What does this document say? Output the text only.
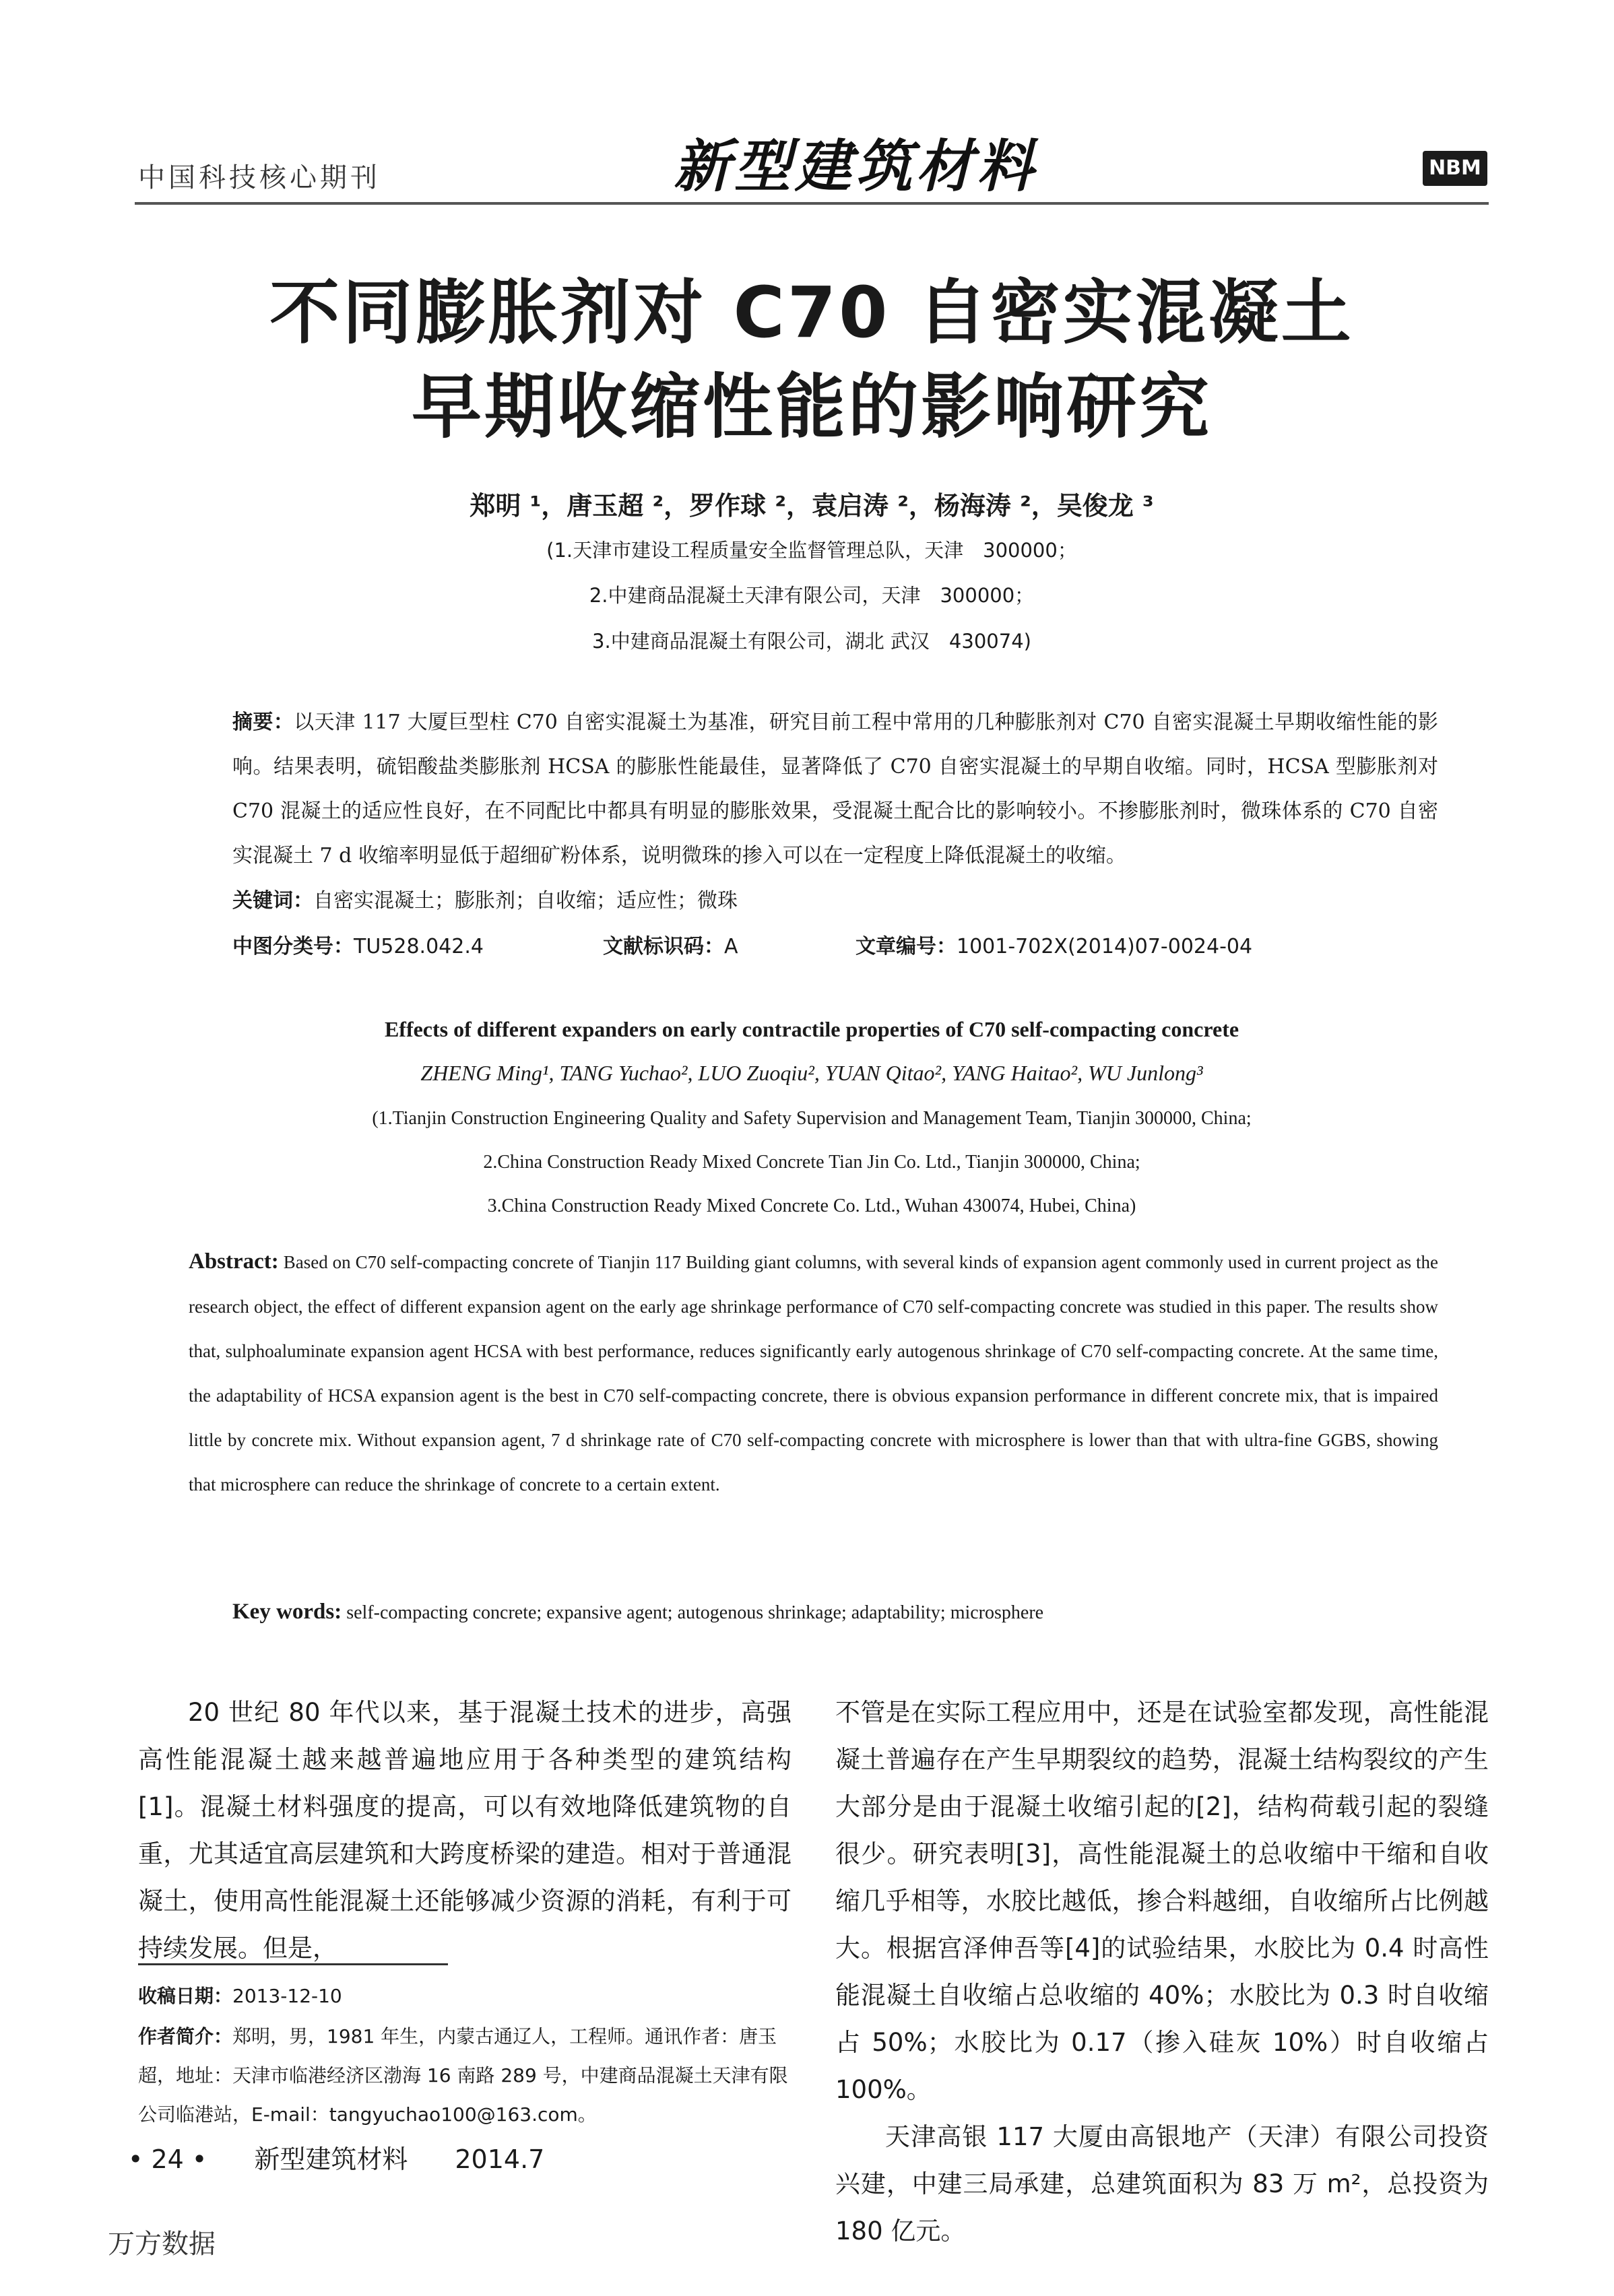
中国科技核心期刊	新型建筑材料	NBM
不同膨胀剂对 C70 自密实混凝土
早期收缩性能的影响研究
郑明 ¹，唐玉超 ²，罗作球 ²，袁启涛 ²，杨海涛 ²，吴俊龙 ³
(1.天津市建设工程质量安全监督管理总队，天津　300000；
2.中建商品混凝土天津有限公司，天津　300000；
3.中建商品混凝土有限公司，湖北 武汉　430074)
摘要：以天津 117 大厦巨型柱 C70 自密实混凝土为基准，研究目前工程中常用的几种膨胀剂对 C70 自密实混凝土早期收缩性能的影响。结果表明，硫铝酸盐类膨胀剂 HCSA 的膨胀性能最佳，显著降低了 C70 自密实混凝土的早期自收缩。同时，HCSA 型膨胀剂对 C70 混凝土的适应性良好，在不同配比中都具有明显的膨胀效果，受混凝土配合比的影响较小。不掺膨胀剂时，微珠体系的 C70 自密实混凝土 7 d 收缩率明显低于超细矿粉体系，说明微珠的掺入可以在一定程度上降低混凝土的收缩。
关键词：自密实混凝土；膨胀剂；自收缩；适应性；微珠
中图分类号：TU528.042.4	文献标识码：A	文章编号：1001-702X(2014)07-0024-04
Effects of different expanders on early contractile properties of C70 self-compacting concrete
ZHENG Ming¹, TANG Yuchao², LUO Zuoqiu², YUAN Qitao², YANG Haitao², WU Junlong³
(1.Tianjin Construction Engineering Quality and Safety Supervision and Management Team, Tianjin 300000, China;
2.China Construction Ready Mixed Concrete Tian Jin Co. Ltd., Tianjin 300000, China;
3.China Construction Ready Mixed Concrete Co. Ltd., Wuhan 430074, Hubei, China)
Abstract: Based on C70 self-compacting concrete of Tianjin 117 Building giant columns, with several kinds of expansion agent commonly used in current project as the research object, the effect of different expansion agent on the early age shrinkage performance of C70 self-compacting concrete was studied in this paper. The results show that, sulphoaluminate expansion agent HCSA with best performance, reduces significantly early autogenous shrinkage of C70 self-compacting concrete. At the same time, the adaptability of HCSA expansion agent is the best in C70 self-compacting concrete, there is obvious expansion performance in different concrete mix, that is impaired little by concrete mix. Without expansion agent, 7 d shrinkage rate of C70 self-compacting concrete with microsphere is lower than that with ultra-fine GGBS, showing that microsphere can reduce the shrinkage of concrete to a certain extent.
Key words: self-compacting concrete; expansive agent; autogenous shrinkage; adaptability; microsphere

20 世纪 80 年代以来，基于混凝土技术的进步，高强高性能混凝土越来越普遍地应用于各种类型的建筑结构[1]。混凝土材料强度的提高，可以有效地降低建筑物的自重，尤其适宜高层建筑和大跨度桥梁的建造。相对于普通混凝土，使用高性能混凝土还能够减少资源的消耗，有利于可持续发展。但是，

不管是在实际工程应用中，还是在试验室都发现，高性能混凝土普遍存在产生早期裂纹的趋势，混凝土结构裂纹的产生大部分是由于混凝土收缩引起的[2]，结构荷载引起的裂缝很少。研究表明[3]，高性能混凝土的总收缩中干缩和自收缩几乎相等，水胶比越低，掺合料越细，自收缩所占比例越大。根据宫泽伸吾等[4]的试验结果，水胶比为 0.4 时高性能混凝土自收缩占总收缩的 40%；水胶比为 0.3 时自收缩占 50%；水胶比为 0.17（掺入硅灰 10%）时自收缩占 100%。

天津高银 117 大厦由高银地产（天津）有限公司投资兴建，中建三局承建，总建筑面积为 83 万 m²，总投资为 180 亿元。

收稿日期：2013-12-10
作者简介：郑明，男，1981 年生，内蒙古通辽人，工程师。通讯作者：唐玉超，地址：天津市临港经济区渤海 16 南路 289 号，中建商品混凝土天津有限公司临港站，E-mail：tangyuchao100@163.com。
• 24 • 新型建筑材料 2014.7
万方数据
